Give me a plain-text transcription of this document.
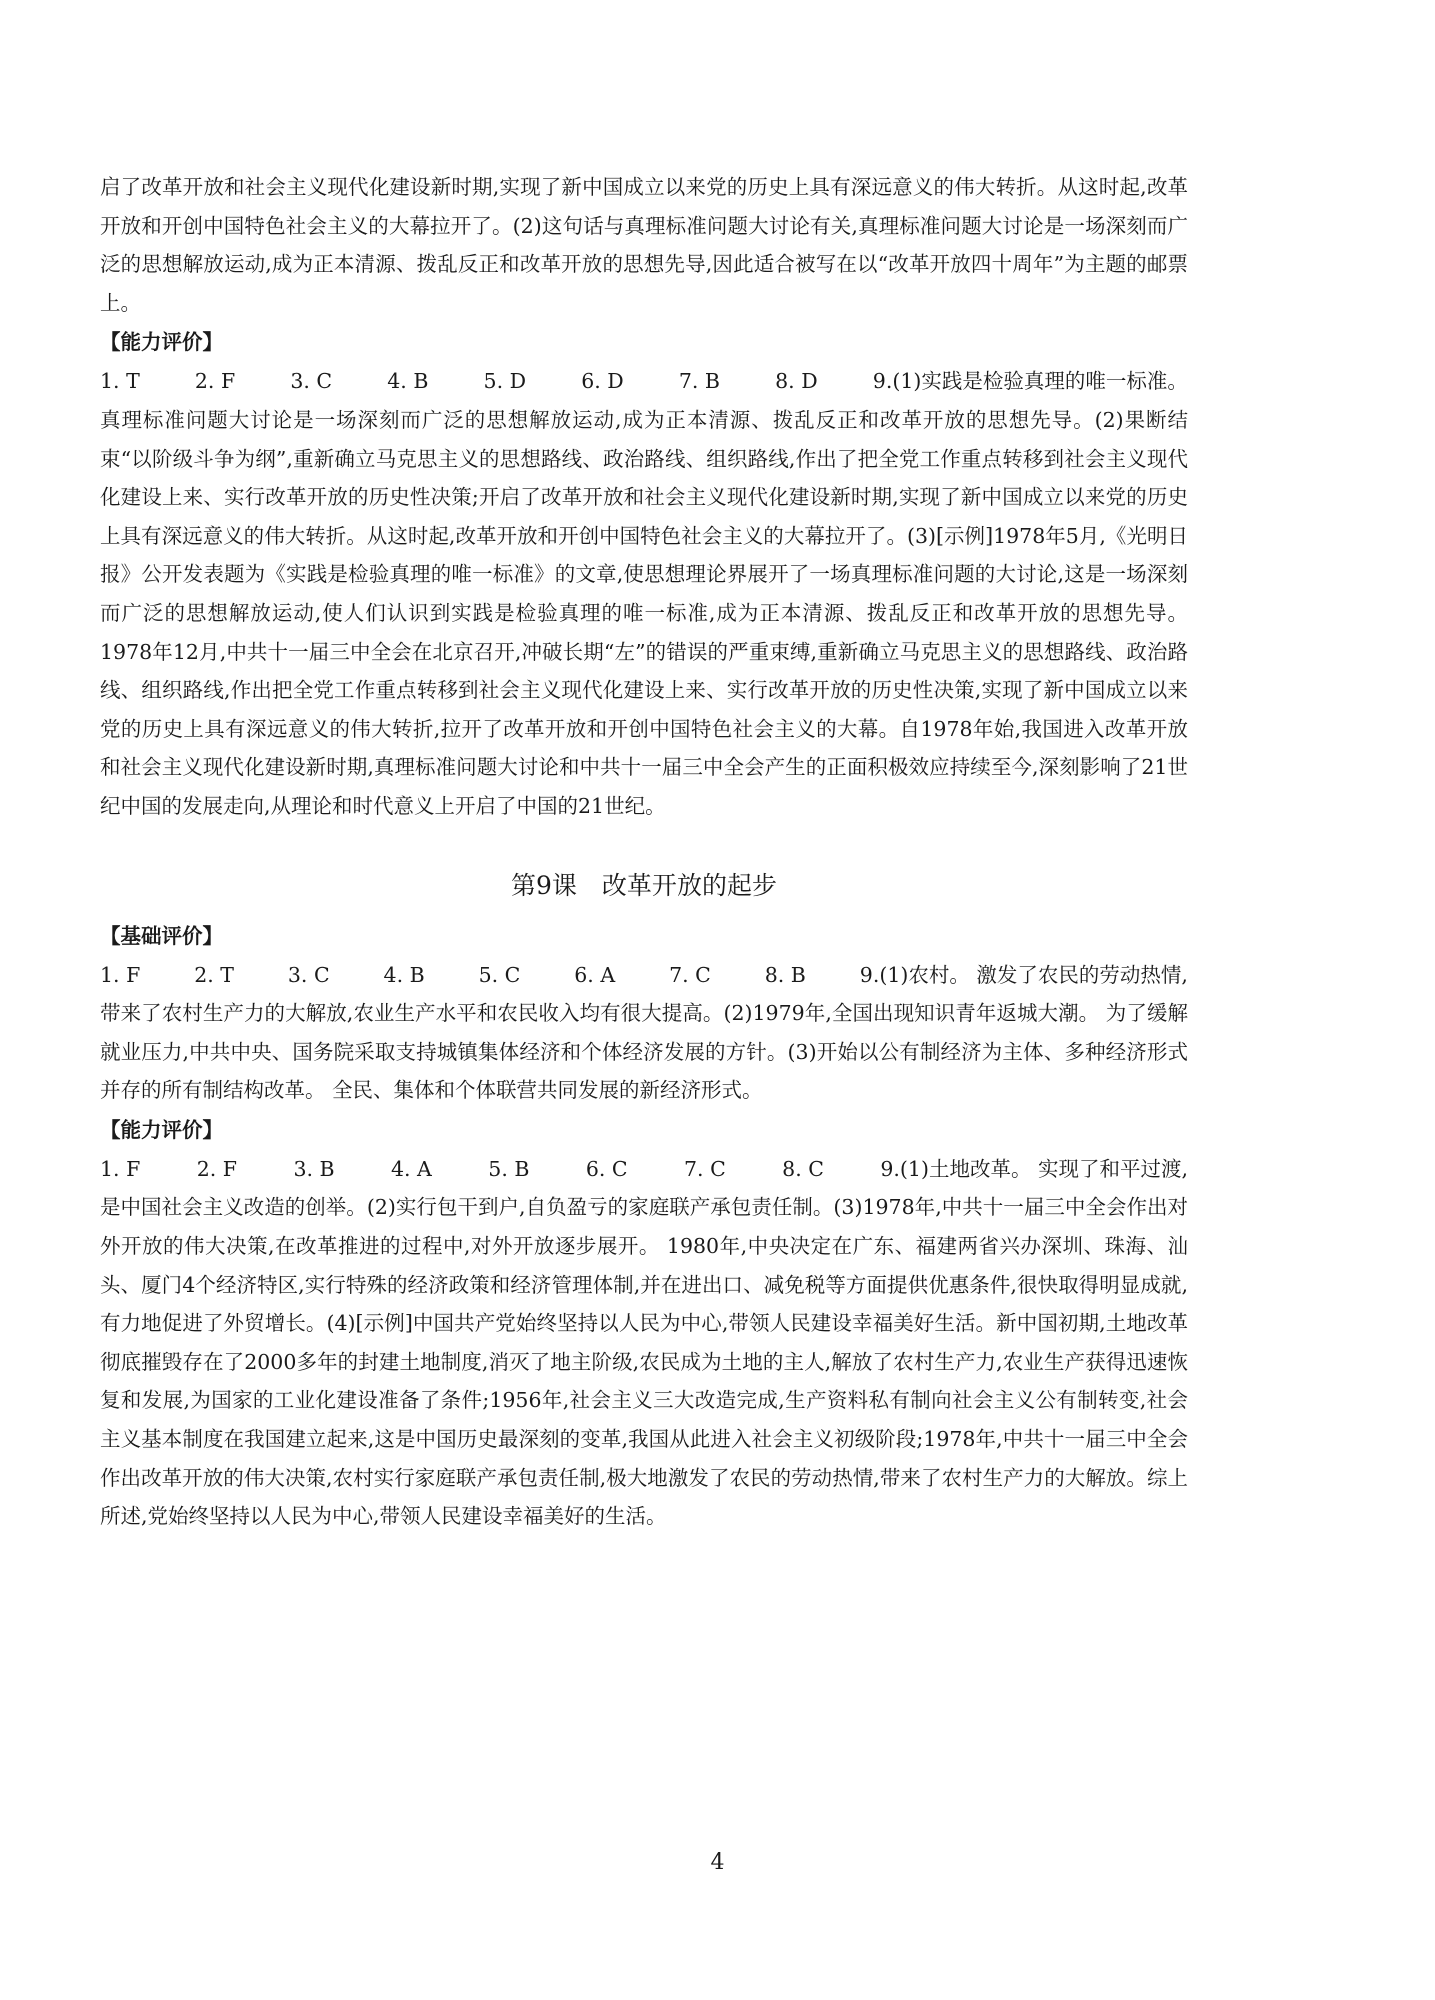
启了改革开放和社会主义现代化建设新时期,实现了新中国成立以来党的历史上具有深远意义的伟大转折。从这时起,改革开放和开创中国特色社会主义的大幕拉开了。(2)这句话与真理标准问题大讨论有关,真理标准问题大讨论是一场深刻而广泛的思想解放运动,成为正本清源、拨乱反正和改革开放的思想先导,因此适合被写在以“改革开放四十周年”为主题的邮票上。

【能力评价】
1. T	2. F	3. C	4. B	5. D	6. D	7. B	8. D	9.(1)实践是检验真理的唯一标准。

真理标准问题大讨论是一场深刻而广泛的思想解放运动,成为正本清源、拨乱反正和改革开放的思想先导。(2)果断结束“以阶级斗争为纲”,重新确立马克思主义的思想路线、政治路线、组织路线,作出了把全党工作重点转移到社会主义现代化建设上来、实行改革开放的历史性决策;开启了改革开放和社会主义现代化建设新时期,实现了新中国成立以来党的历史上具有深远意义的伟大转折。从这时起,改革开放和开创中国特色社会主义的大幕拉开了。(3)[示例]1978年5月,《光明日报》公开发表题为《实践是检验真理的唯一标准》的文章,使思想理论界展开了一场真理标准问题的大讨论,这是一场深刻而广泛的思想解放运动,使人们认识到实践是检验真理的唯一标准,成为正本清源、拨乱反正和改革开放的思想先导。1978年12月,中共十一届三中全会在北京召开,冲破长期“左”的错误的严重束缚,重新确立马克思主义的思想路线、政治路线、组织路线,作出把全党工作重点转移到社会主义现代化建设上来、实行改革开放的历史性决策,实现了新中国成立以来党的历史上具有深远意义的伟大转折,拉开了改革开放和开创中国特色社会主义的大幕。自1978年始,我国进入改革开放和社会主义现代化建设新时期,真理标准问题大讨论和中共十一届三中全会产生的正面积极效应持续至今,深刻影响了21世纪中国的发展走向,从理论和时代意义上开启了中国的21世纪。

第9课　改革开放的起步
【基础评价】
1. F	2. T	3. C	4. B	5. C	6. A	7. C	8. B	9.(1)农村。 激发了农民的劳动热情,

带来了农村生产力的大解放,农业生产水平和农民收入均有很大提高。(2)1979年,全国出现知识青年返城大潮。 为了缓解就业压力,中共中央、国务院采取支持城镇集体经济和个体经济发展的方针。(3)开始以公有制经济为主体、多种经济形式并存的所有制结构改革。 全民、集体和个体联营共同发展的新经济形式。

【能力评价】
1. F	2. F	3. B	4. A	5. B	6. C	7. C	8. C	9.(1)土地改革。 实现了和平过渡,

是中国社会主义改造的创举。(2)实行包干到户,自负盈亏的家庭联产承包责任制。(3)1978年,中共十一届三中全会作出对外开放的伟大决策,在改革推进的过程中,对外开放逐步展开。 1980年,中央决定在广东、福建两省兴办深圳、珠海、汕头、厦门4个经济特区,实行特殊的经济政策和经济管理体制,并在进出口、减免税等方面提供优惠条件,很快取得明显成就,有力地促进了外贸增长。(4)[示例]中国共产党始终坚持以人民为中心,带领人民建设幸福美好生活。新中国初期,土地改革彻底摧毁存在了2000多年的封建土地制度,消灭了地主阶级,农民成为土地的主人,解放了农村生产力,农业生产获得迅速恢复和发展,为国家的工业化建设准备了条件;1956年,社会主义三大改造完成,生产资料私有制向社会主义公有制转变,社会主义基本制度在我国建立起来,这是中国历史最深刻的变革,我国从此进入社会主义初级阶段;1978年,中共十一届三中全会作出改革开放的伟大决策,农村实行家庭联产承包责任制,极大地激发了农民的劳动热情,带来了农村生产力的大解放。综上所述,党始终坚持以人民为中心,带领人民建设幸福美好的生活。

4
